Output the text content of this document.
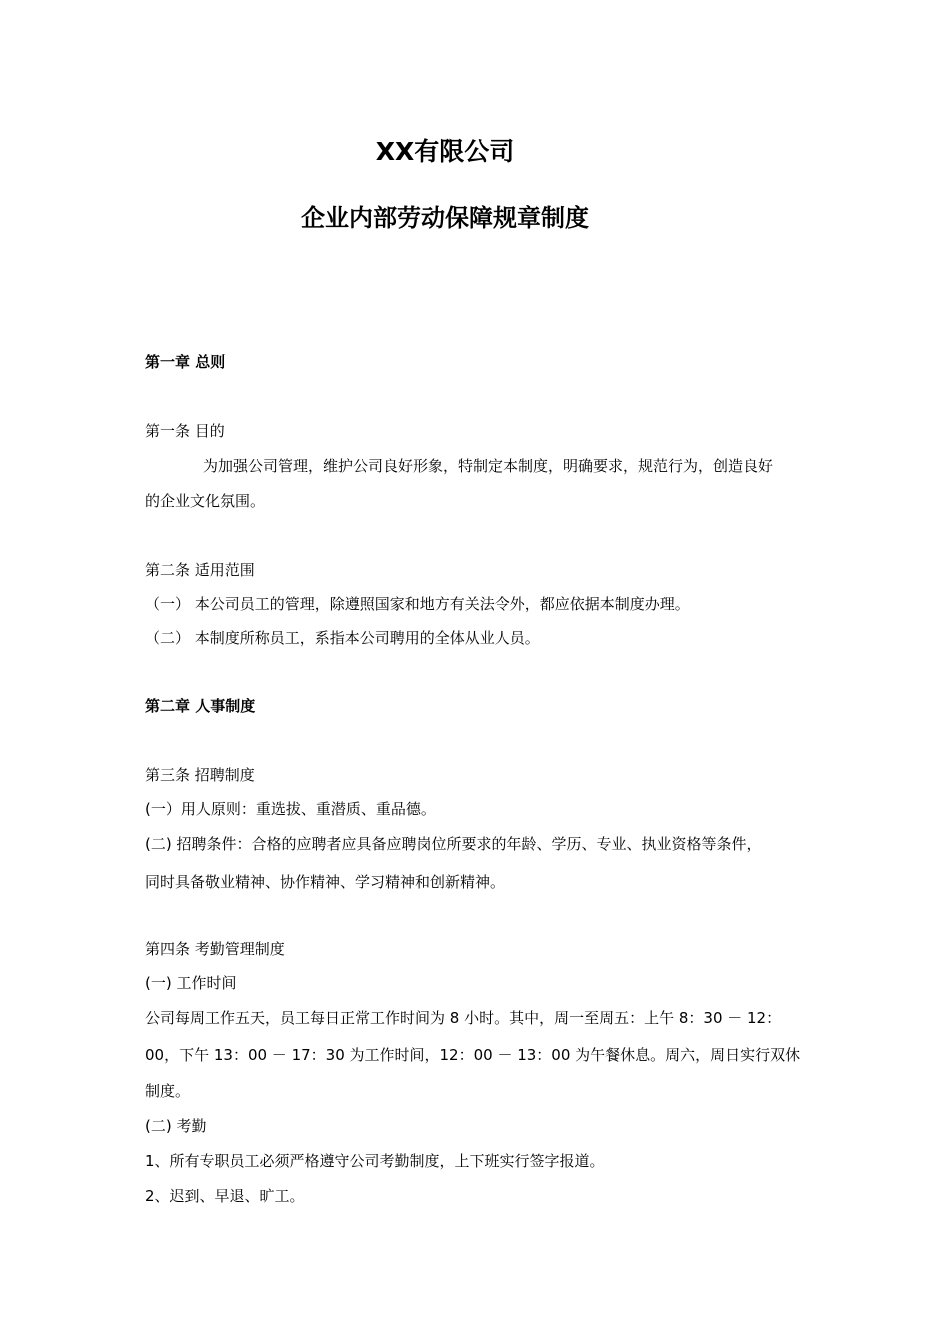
XX有限公司
企业内部劳动保障规章制度
第一章 总则
第一条 目的
为加强公司管理，维护公司良好形象，特制定本制度，明确要求，规范行为，创造良好
的企业文化氛围。
第二条 适用范围
（一） 本公司员工的管理，除遵照国家和地方有关法令外，都应依据本制度办理。
（二） 本制度所称员工，系指本公司聘用的全体从业人员。
第二章 人事制度
第三条 招聘制度
(一）用人原则：重选拔、重潜质、重品德。
(二) 招聘条件：合格的应聘者应具备应聘岗位所要求的年龄、学历、专业、执业资格等条件，
同时具备敬业精神、协作精神、学习精神和创新精神。
第四条 考勤管理制度
(一) 工作时间
公司每周工作五天，员工每日正常工作时间为 8 小时。其中，周一至周五：上午 8：30 － 12：
00，下午 13：00 － 17：30 为工作时间，12：00 － 13：00 为午餐休息。周六，周日实行双休
制度。
(二) 考勤
1、所有专职员工必须严格遵守公司考勤制度，上下班实行签字报道。
2、迟到、早退、旷工。
